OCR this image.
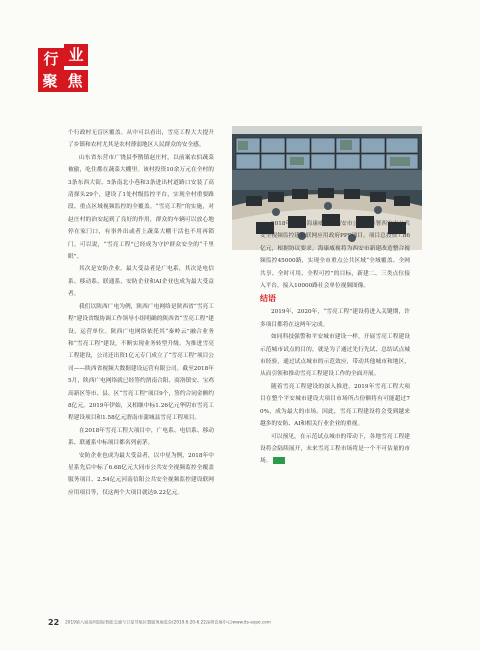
行 业
聚 焦

个行政村无盲区覆盖。从中可以看出，雪亮工程大大提升了乡镇和农村尤其是农村薄弱地区人民群众的安全感。

山东省东营市广饶县李鹊镇赵庄村，以前案农伯蔬菜被偷，吃住都在蔬菜大棚里。该村投资10余万元在全村的3条东西大街、5条南北小巷和3条进出村道路口安装了高清探头29个，建设了1处村级监控平台，实现全村重要路段、重点区域视频监控的全覆盖。“雪亮工程”的实施，对赵庄村的治安起到了良好的作用，群众的车辆可以放心地停在家门口，有事外出或者上蔬菜大棚干活也不用再锁门，可以说，“雪亮工程”已经成为守护群众安全的“千里眼”。

其次是安防企业。最大受益者是广电系，其次是电信系、移动系、联通系，安防企业和AI企业也成为最大受益者。

我们以陕西广电为例，陕西广电网络是陕西省“雪亮工程”建设省级协调工作领导小组明确的陕西省“雪亮工程”建设、运营单位。陕西广电网络依托其“秦岭云”融合业务和“雪亮工程”建设，不断实现业务转型升级。为推进雪亮工程建设，公司还出资1亿元专门成立了“雪亮工程”项目公司——陕西省视频大数据建设运营有限公司。截至2018年5月，陕西广电网络就已经签约渭南合阳、商洛镇安、宝鸡高新区等市、县、区“雪亮工程”项目9个，签约合同金额约8亿元。2019年伊始，又相继中标1.26亿元华阴市雪亮工程建设项目和1.58亿元渭南市蒲城县雪亮工程项目。

在2018年雪亮工程大项目中，广电系、电信系、移动系、联通系中标项目都名列前茅。

安防企业也成为最大受益者，以中星为例，2018年中星系先后中标了6.68亿元大同市公共安全视频监控全覆盖服务项目、2.54亿元河南信阳公共安全视频监控建设联网应用项目等，仅这两个大项目就达9.22亿元。

2018年1月，海康威视与西安市公安局签署西安市公共安全视频监控建设联网应用政府PPP项目，项目总投资7.86亿元，根据协议要求，海康威视将为西安市新建改造整合视频监控45000路，实现全市重点公共区域“全域覆盖、全网共享、全时可用、全程可控”的目标，新建二、三类点位接入平台，接入10000路社会单位视频图像。

结语

2019年、2020年，“雪亮工程”建设将进入关键期，许多项目都将在这两年完成。

如同科技强警和平安城市建设一样，开展雪亮工程建设示范城市试点的目的，就是为了通过先行先试、总结试点城市经验，通过试点城市的示范效应，带动其他城市和地区，从而引领和推动雪亮工程建设工作的全面开展。

随着雪亮工程建设的深入推进，2019年雪亮工程大项目在整个平安城市建设大项目市场所占份额将有可能超过70%，成为最大的市场。因此，雪亮工程建设将会受到越来越多的安防、AI和相关行业企业的重视。

可以预见，在示范试点城市的带动下，各地雪亮工程建设将会陆续展开，未来雪亮工程市场将是一个不可估量的市场。

22 2019第八届深圳国际智能交通与卫星导航位置服务展览会(2019.6.20-6.22深圳会展中心)www.its-expo.com
